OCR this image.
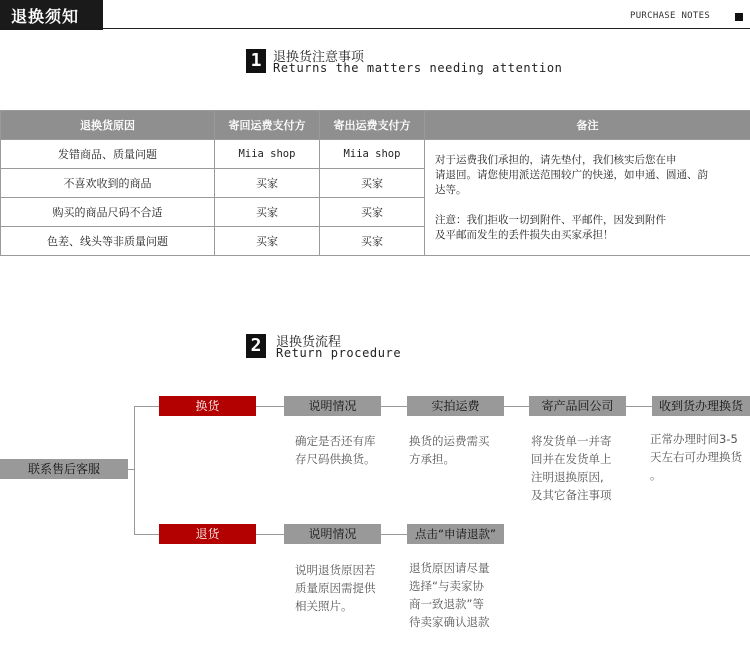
退换须知	PURCHASE NOTES
1 退换货注意事项
Returns the matters needing attention
退换货原因	寄回运费支付方	寄出运费支付方	备注
发错商品、质量问题	Miia shop	Miia shop	对于运费我们承担的，请先垫付，我们核实后您在申
请退回。请您使用派送范围较广的快递，如申通、圆通、韵
达等。
注意：我们拒收一切到附件、平邮件，因发到附件
及平邮而发生的丢件损失由买家承担！

不喜欢收到的商品	买家	买家	
购买的商品尺码不合适	买家	买家	
色差、线头等非质量问题	买家	买家	
2	退换货流程
Return procedure
联系售后客服
换货	说明情况	实拍运费	寄产品回公司	收到货办理换货
确定是否还有库
存尺码供换货。
换货的运费需买
方承担。
将发货单一并寄
回并在发货单上
注明退换原因,
及其它备注事项
正常办理时间3-5
天左右可办理换货
。
退货	说明情况	点击“申请退款”
说明退货原因若
质量原因需提供
相关照片。
退货原因请尽量
选择“与卖家协
商一致退款”等
待卖家确认退款
